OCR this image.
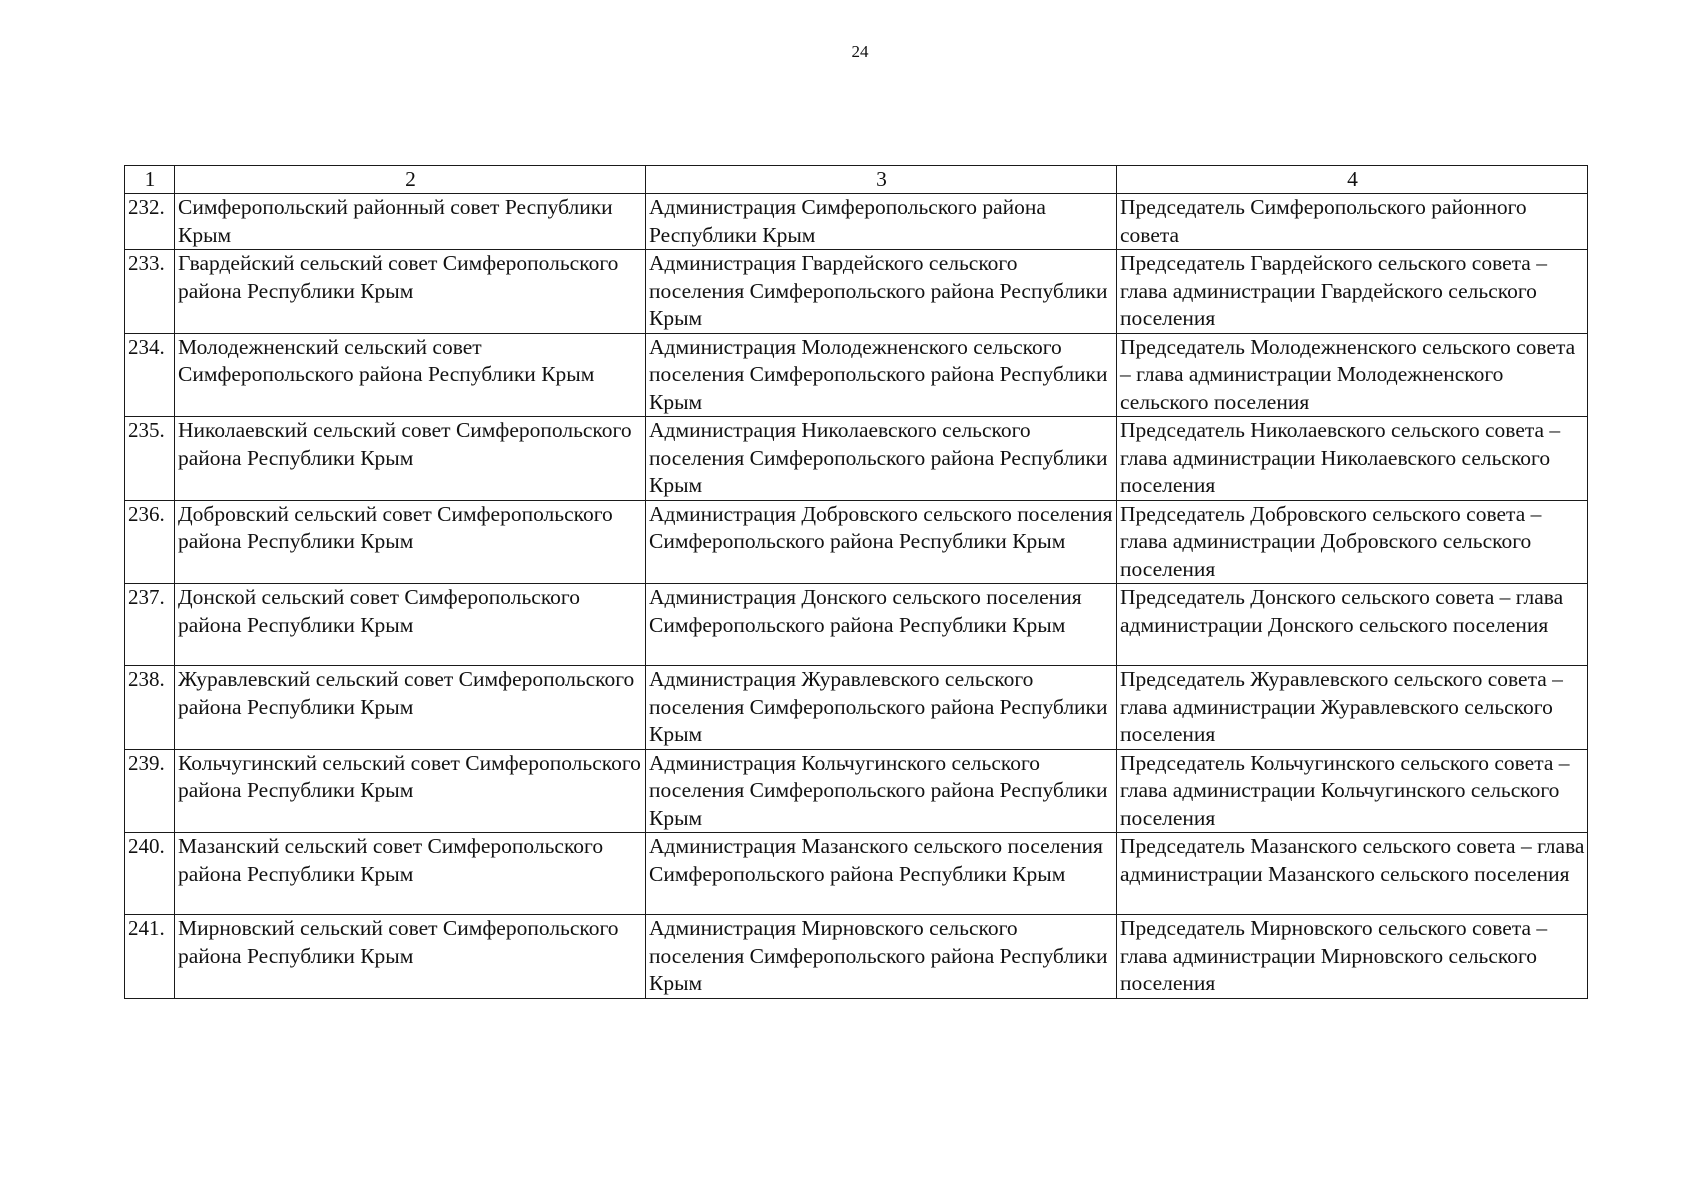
24
1	2	3	4
232.	Симферопольский районный совет Республики Крым	Администрация Симферопольского района Республики Крым	Председатель Симферопольского районного совета
233.	Гвардейский сельский совет Симферопольского района Республики Крым	Администрация Гвардейского сельского поселения Симферопольского района Республики Крым	Председатель Гвардейского сельского совета – глава администрации Гвардейского сельского поселения
234.	Молодежненский сельский совет Симферопольского района Республики Крым	Администрация Молодежненского сельского поселения Симферопольского района Республики Крым	Председатель Молодежненского сельского совета – глава администрации Молодежненского сельского поселения
235.	Николаевский сельский совет Симферопольского района Республики Крым	Администрация Николаевского сельского поселения Симферопольского района Республики Крым	Председатель Николаевского сельского совета – глава администрации Николаевского сельского поселения
236.	Добровский сельский совет Симферопольского района Республики Крым	Администрация Добровского сельского поселения Симферопольского района Республики Крым	Председатель Добровского сельского совета – глава администрации Добровского сельского поселения
237.	Донской сельский совет Симферопольского района Республики Крым	Администрация Донского сельского поселения Симферопольского района Республики Крым	Председатель Донского сельского совета – глава администрации Донского сельского поселения
238.	Журавлевский сельский совет Симферопольского района Республики Крым	Администрация Журавлевского сельского поселения Симферопольского района Республики Крым	Председатель Журавлевского сельского совета – глава администрации Журавлевского сельского поселения
239.	Кольчугинский сельский совет Симферопольского района Республики Крым	Администрация Кольчугинского сельского поселения Симферопольского района Республики Крым	Председатель Кольчугинского сельского совета – глава администрации Кольчугинского сельского поселения
240.	Мазанский сельский совет Симферопольского района Республики Крым	Администрация Мазанского сельского поселения Симферопольского района Республики Крым	Председатель Мазанского сельского совета – глава администрации Мазанского сельского поселения
241.	Мирновский сельский совет Симферопольского района Республики Крым	Администрация Мирновского сельского поселения Симферопольского района Республики Крым	Председатель Мирновского сельского совета – глава администрации Мирновского сельского поселения
